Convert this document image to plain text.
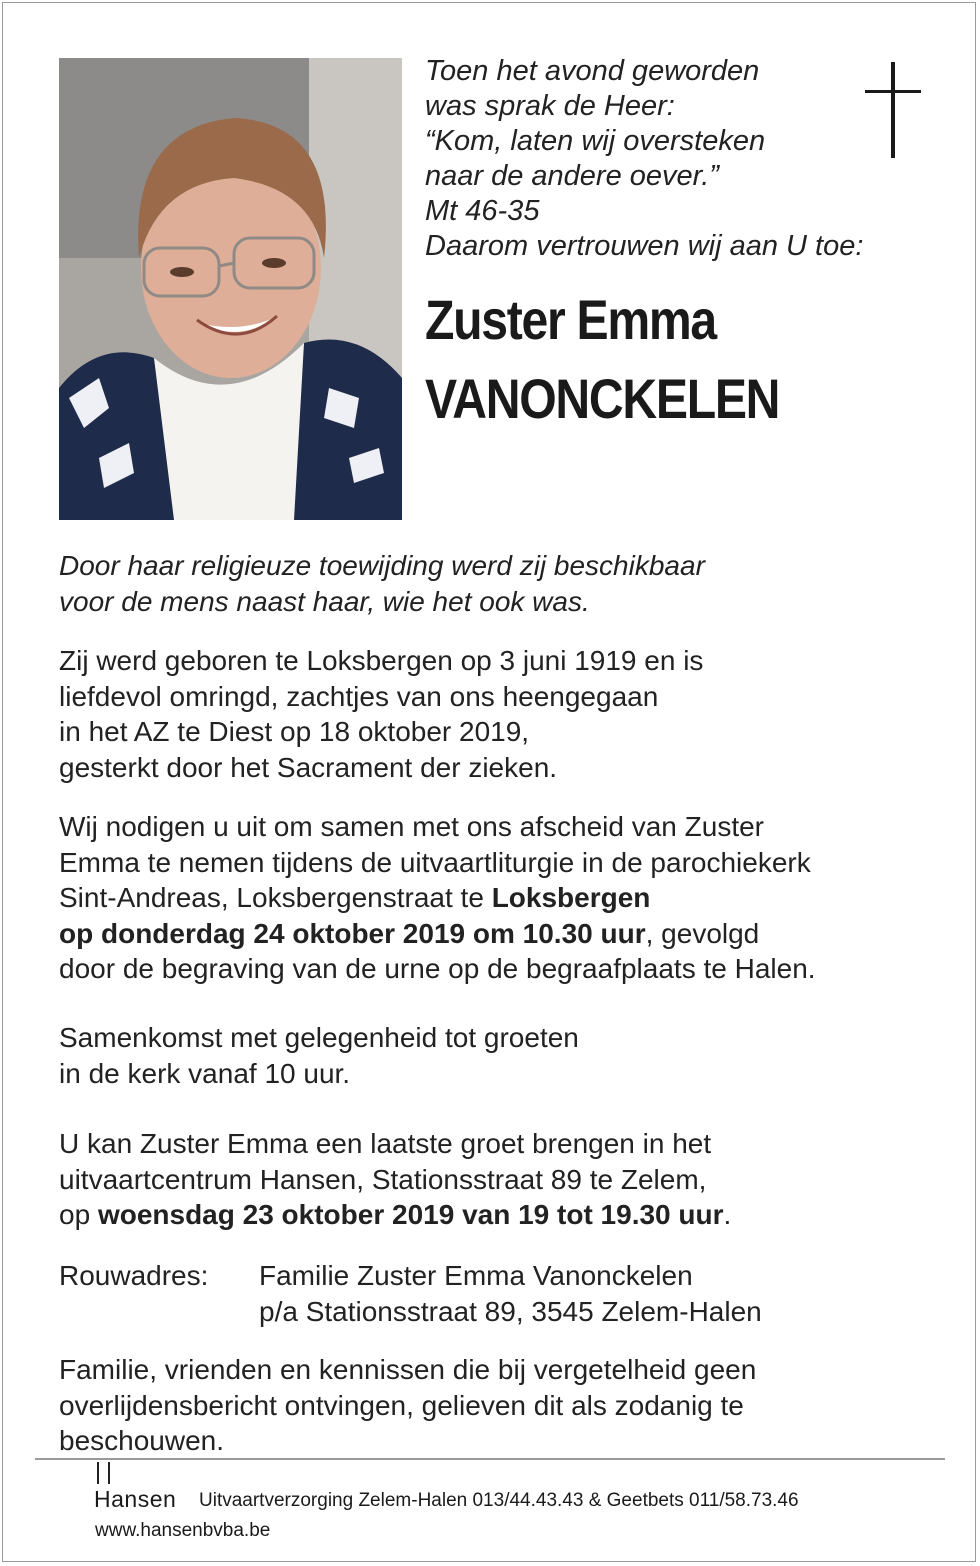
Toen het avond geworden
was sprak de Heer:
“Kom, laten wij oversteken
naar de andere oever.”
Mt 46-35
Daarom vertrouwen wij aan U toe:
Zuster Emma
VANONCKELEN
Door haar religieuze toewijding werd zij beschikbaar
voor de mens naast haar, wie het ook was.
Zij werd geboren te Loksbergen op 3 juni 1919 en is
liefdevol omringd, zachtjes van ons heengegaan
in het AZ te Diest op 18 oktober 2019,
gesterkt door het Sacrament der zieken.
Wij nodigen u uit om samen met ons afscheid van Zuster
Emma te nemen tijdens de uitvaartliturgie in de parochiekerk
Sint-Andreas, Loksbergenstraat te Loksbergen
op donderdag 24 oktober 2019 om 10.30 uur, gevolgd
door de begraving van de urne op de begraafplaats te Halen.
Samenkomst met gelegenheid tot groeten
in de kerk vanaf 10 uur.
U kan Zuster Emma een laatste groet brengen in het
uitvaartcentrum Hansen, Stationsstraat 89 te Zelem,
op woensdag 23 oktober 2019 van 19 tot 19.30 uur.
Rouwadres: Familie Zuster Emma Vanonckelen
p/a Stationsstraat 89, 3545 Zelem-Halen
Familie, vrienden en kennissen die bij vergetelheid geen
overlijdensbericht ontvingen, gelieven dit als zodanig te
beschouwen.
Hansen Uitvaartverzorging Zelem-Halen 013/44.43.43 & Geetbets 011/58.73.46
www.hansenbvba.be
